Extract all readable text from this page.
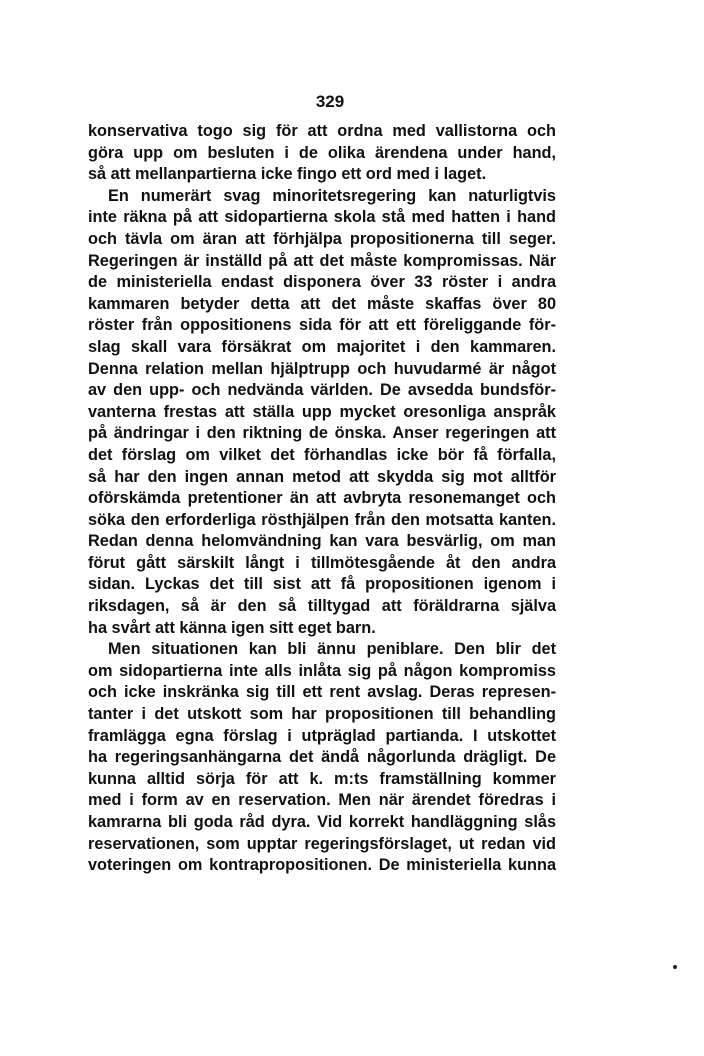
329
konservativa togo sig för att ordna med vallistorna och
göra upp om besluten i de olika ärendena under hand,
så att mellanpartierna icke fingo ett ord med i laget.
En numerärt svag minoritetsregering kan naturligtvis
inte räkna på att sidopartierna skola stå med hatten i hand
och tävla om äran att förhjälpa propositionerna till seger.
Regeringen är inställd på att det måste kompromissas. När
de ministeriella endast disponera över 33 röster i andra
kammaren betyder detta att det måste skaffas över 80
röster från oppositionens sida för att ett föreliggande för-
slag skall vara försäkrat om majoritet i den kammaren.
Denna relation mellan hjälptrupp och huvudarmé är något
av den upp- och nedvända världen. De avsedda bundsför-
vanterna frestas att ställa upp mycket oresonliga anspråk
på ändringar i den riktning de önska. Anser regeringen att
det förslag om vilket det förhandlas icke bör få förfalla,
så har den ingen annan metod att skydda sig mot alltför
oförskämda pretentioner än att avbryta resonemanget och
söka den erforderliga rösthjälpen från den motsatta kanten.
Redan denna helomvändning kan vara besvärlig, om man
förut gått särskilt långt i tillmötesgående åt den andra
sidan. Lyckas det till sist att få propositionen igenom i
riksdagen, så är den så tilltygad att föräldrarna själva
ha svårt att känna igen sitt eget barn.
Men situationen kan bli ännu peniblare. Den blir det
om sidopartierna inte alls inlåta sig på någon kompromiss
och icke inskränka sig till ett rent avslag. Deras represen-
tanter i det utskott som har propositionen till behandling
framlägga egna förslag i utpräglad partianda. I utskottet
ha regeringsanhängarna det ändå någorlunda drägligt. De
kunna alltid sörja för att k. m:ts framställning kommer
med i form av en reservation. Men när ärendet föredras i
kamrarna bli goda råd dyra. Vid korrekt handläggning slås
reservationen, som upptar regeringsförslaget, ut redan vid
voteringen om kontrapropositionen. De ministeriella kunna
